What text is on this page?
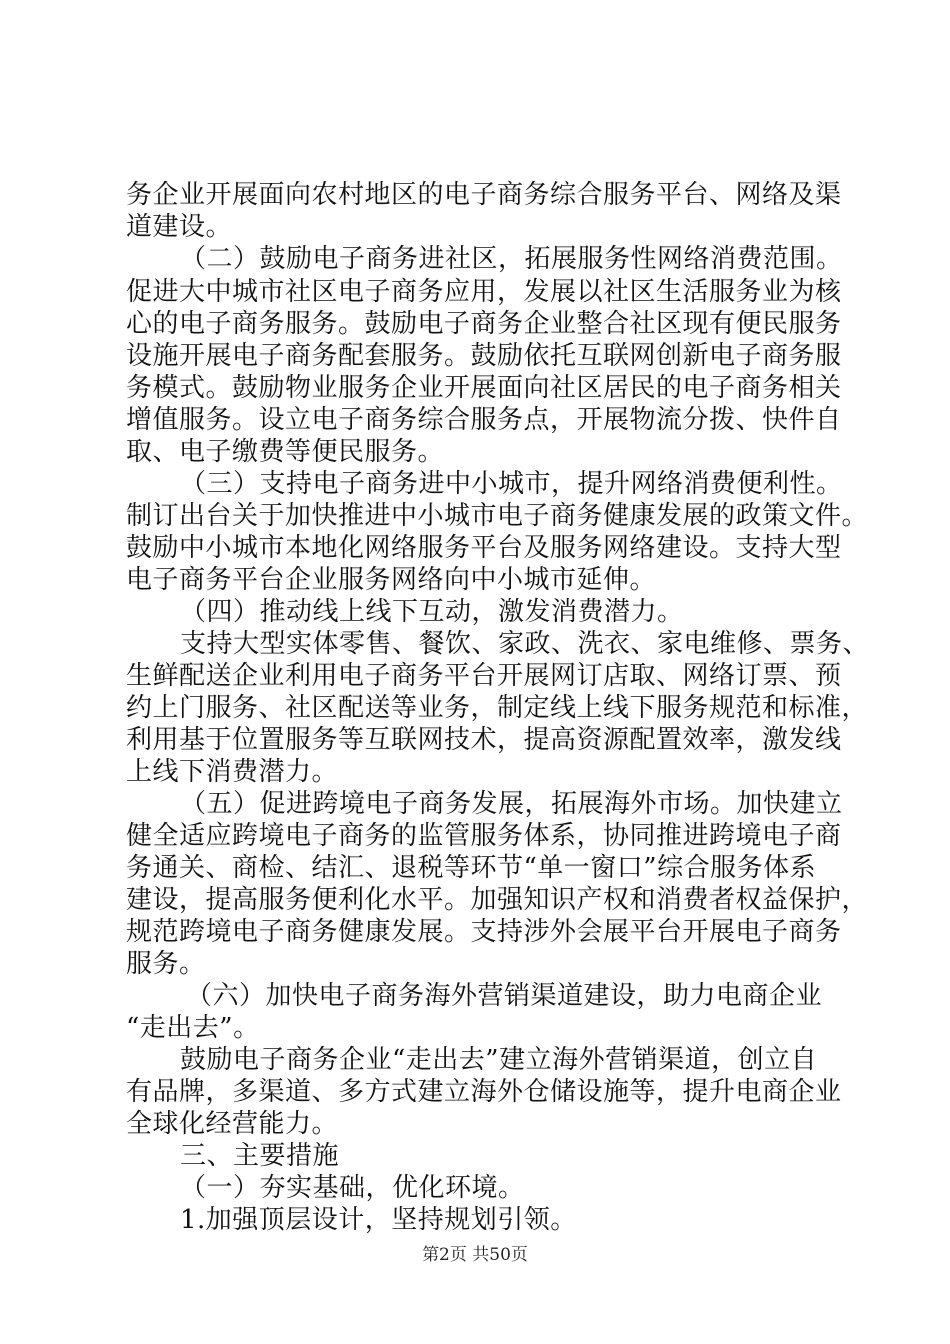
务企业开展面向农村地区的电子商务综合服务平台、网络及渠
道建设。
（二）鼓励电子商务进社区，拓展服务性网络消费范围。
促进大中城市社区电子商务应用，发展以社区生活服务业为核
心的电子商务服务。鼓励电子商务企业整合社区现有便民服务
设施开展电子商务配套服务。鼓励依托互联网创新电子商务服
务模式。鼓励物业服务企业开展面向社区居民的电子商务相关
增值服务。设立电子商务综合服务点，开展物流分拨、快件自
取、电子缴费等便民服务。
（三）支持电子商务进中小城市，提升网络消费便利性。
制订出台关于加快推进中小城市电子商务健康发展的政策文件。
鼓励中小城市本地化网络服务平台及服务网络建设。支持大型
电子商务平台企业服务网络向中小城市延伸。
（四）推动线上线下互动，激发消费潜力。
支持大型实体零售、餐饮、家政、洗衣、家电维修、票务、
生鲜配送企业利用电子商务平台开展网订店取、网络订票、预
约上门服务、社区配送等业务，制定线上线下服务规范和标准，
利用基于位置服务等互联网技术，提高资源配置效率，激发线
上线下消费潜力。
（五）促进跨境电子商务发展，拓展海外市场。加快建立
健全适应跨境电子商务的监管服务体系，协同推进跨境电子商
务通关、商检、结汇、退税等环节“单一窗口”综合服务体系
建设，提高服务便利化水平。加强知识产权和消费者权益保护，
规范跨境电子商务健康发展。支持涉外会展平台开展电子商务
服务。
（六）加快电子商务海外营销渠道建设，助力电商企业
“走出去”。
鼓励电子商务企业“走出去”建立海外营销渠道，创立自
有品牌，多渠道、多方式建立海外仓储设施等，提升电商企业
全球化经营能力。
三、主要措施
（一）夯实基础，优化环境。
1.加强顶层设计，坚持规划引领。
第2页 共50页
